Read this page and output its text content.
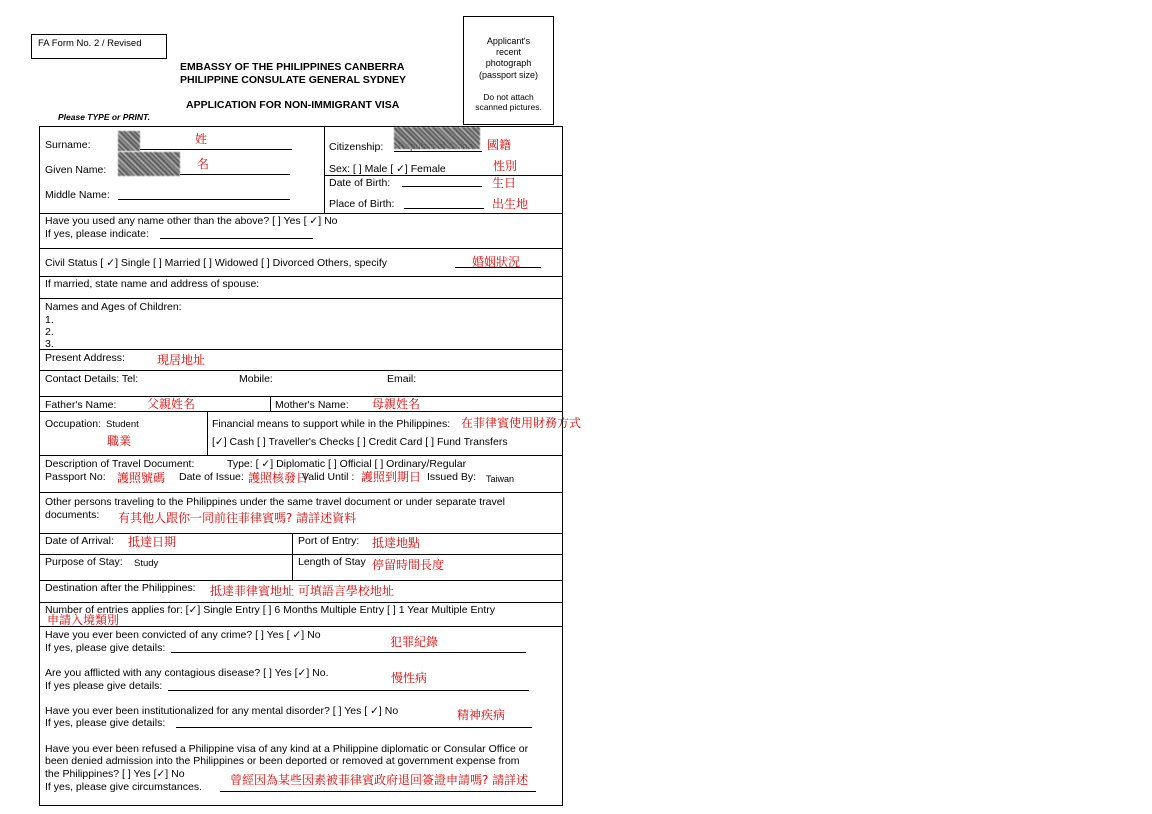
FA Form No. 2 / Revised	Applicant's
recent
photograph
(passport size)
Do not attach
scanned pictures.
EMBASSY OF THE PHILIPPINES CANBERRA
PHILIPPINE CONSULATE GENERAL SYDNEY
APPLICATION FOR NON-IMMIGRANT VISA
Please TYPE or PRINT.
Surname:	姓
Given Name:	名
Middle Name:
Citizenship:	國籍
Sex: [ ] Male [ ✓] Female	性別
Date of Birth:	生日
Place of Birth:	出生地
Have you used any name other than the above? [ ] Yes [ ✓] No
If yes, please indicate:
Civil Status [ ✓] Single [ ] Married [ ] Widowed [ ] Divorced Others, specify	婚姻狀況
If married, state name and address of spouse:
Names and Ages of Children:
1.
2.
3.
Present Address:	現居地址
Contact Details: Tel:	Mobile:	Email:
Father's Name:	父親姓名	Mother's Name: 母親姓名
Occupation: Student
職業
Financial means to support while in the Philippines: 在菲律賓使用財務方式
[✓] Cash [ ] Traveller's Checks [ ] Credit Card [ ] Fund Transfers
Description of Travel Document:	Type: [ ✓] Diplomatic [ ] Official [ ] Ordinary/Regular
Passport No: 護照號碼 Date of Issue: 護照核發日
Valid Until : 護照到期日 Issued By: Taiwan
Other persons traveling to the Philippines under the same travel document or under separate travel
documents: 有其他人跟你一同前往菲律賓嗎? 請詳述資料
Date of Arrival: 抵達日期	Port of Entry: 抵達地點
Purpose of Stay: Study	Length of Stay 停留時間長度
Destination after the Philippines: 抵達菲律賓地址 可填語言學校地址
Number of entries applies for: [✓] Single Entry [ ] 6 Months Multiple Entry [ ] 1 Year Multiple Entry
申請入境類別
Have you ever been convicted of any crime? [ ] Yes [ ✓] No	犯罪紀錄
If yes, please give details:
Are you afflicted with any contagious disease? [ ] Yes [✓] No.	慢性病
If yes please give details:
Have you ever been institutionalized for any mental disorder? [ ] Yes [ ✓] No	精神疾病
If yes, please give details:
Have you ever been refused a Philippine visa of any kind at a Philippine diplomatic or Consular Office or
been denied admission into the Philippines or been deported or removed at government expense from
the Philippines? [ ] Yes [✓] No
If yes, please give circumstances. 曾經因為某些因素被菲律賓政府退回簽證申請嗎? 請詳述
